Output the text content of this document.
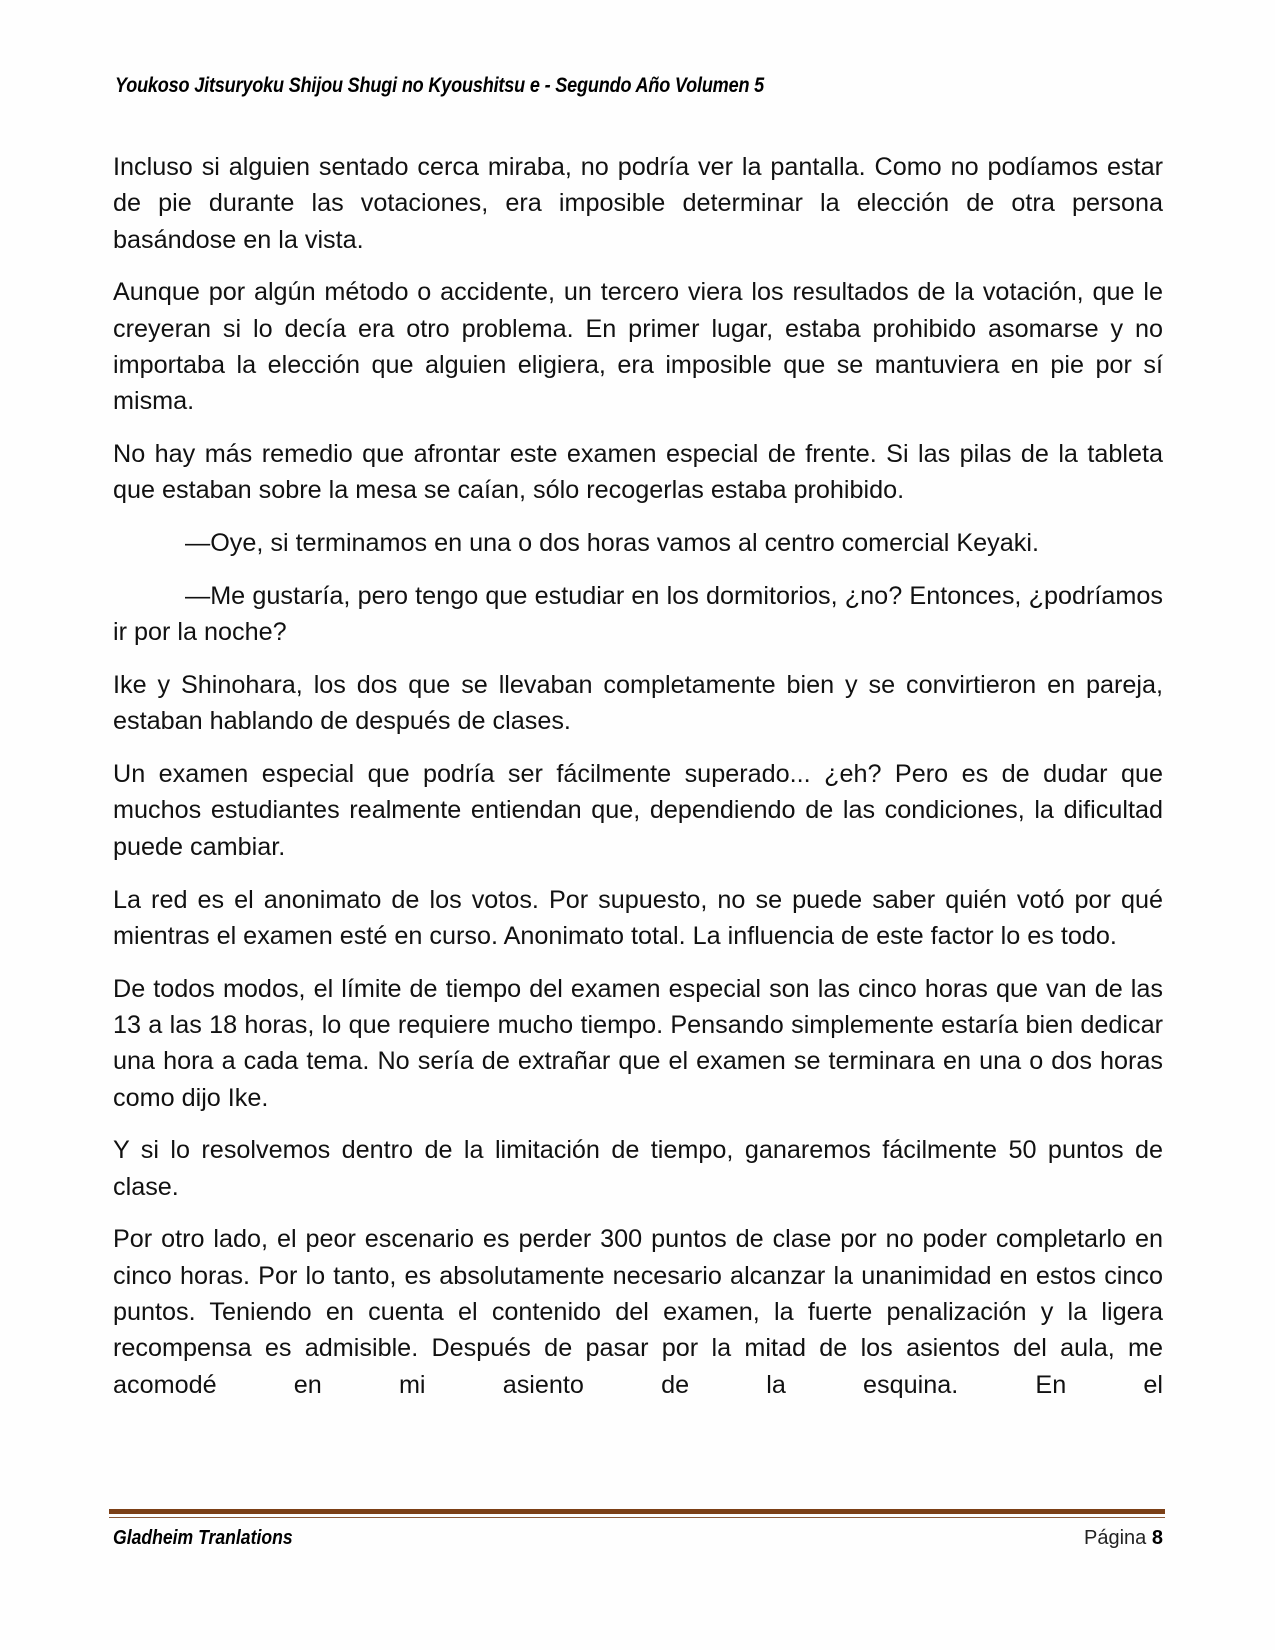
Youkoso Jitsuryoku Shijou Shugi no Kyoushitsu e - Segundo Año Volumen 5

Incluso si alguien sentado cerca miraba, no podría ver la pantalla. Como no podíamos estar de pie durante las votaciones, era imposible determinar la elección de otra persona basándose en la vista.

Aunque por algún método o accidente, un tercero viera los resultados de la votación, que le creyeran si lo decía era otro problema. En primer lugar, estaba prohibido asomarse y no importaba la elección que alguien eligiera, era imposible que se mantuviera en pie por sí misma.

No hay más remedio que afrontar este examen especial de frente. Si las pilas de la tableta que estaban sobre la mesa se caían, sólo recogerlas estaba prohibido.

—Oye, si terminamos en una o dos horas vamos al centro comercial Keyaki.

—Me gustaría, pero tengo que estudiar en los dormitorios, ¿no? Entonces, ¿podríamos ir por la noche?

Ike y Shinohara, los dos que se llevaban completamente bien y se convirtieron en pareja, estaban hablando de después de clases.

Un examen especial que podría ser fácilmente superado... ¿eh? Pero es de dudar que muchos estudiantes realmente entiendan que, dependiendo de las condiciones, la dificultad puede cambiar.

La red es el anonimato de los votos. Por supuesto, no se puede saber quién votó por qué mientras el examen esté en curso. Anonimato total. La influencia de este factor lo es todo.

De todos modos, el límite de tiempo del examen especial son las cinco horas que van de las 13 a las 18 horas, lo que requiere mucho tiempo. Pensando simplemente estaría bien dedicar una hora a cada tema. No sería de extrañar que el examen se terminara en una o dos horas como dijo Ike.

Y si lo resolvemos dentro de la limitación de tiempo, ganaremos fácilmente 50 puntos de clase.

Por otro lado, el peor escenario es perder 300 puntos de clase por no poder completarlo en cinco horas. Por lo tanto, es absolutamente necesario alcanzar la unanimidad en estos cinco puntos. Teniendo en cuenta el contenido del examen, la fuerte penalización y la ligera recompensa es admisible. Después de pasar por la mitad de los asientos del aula, me acomodé en mi asiento de la esquina. En el

Gladheim Tranlations	Página 8
